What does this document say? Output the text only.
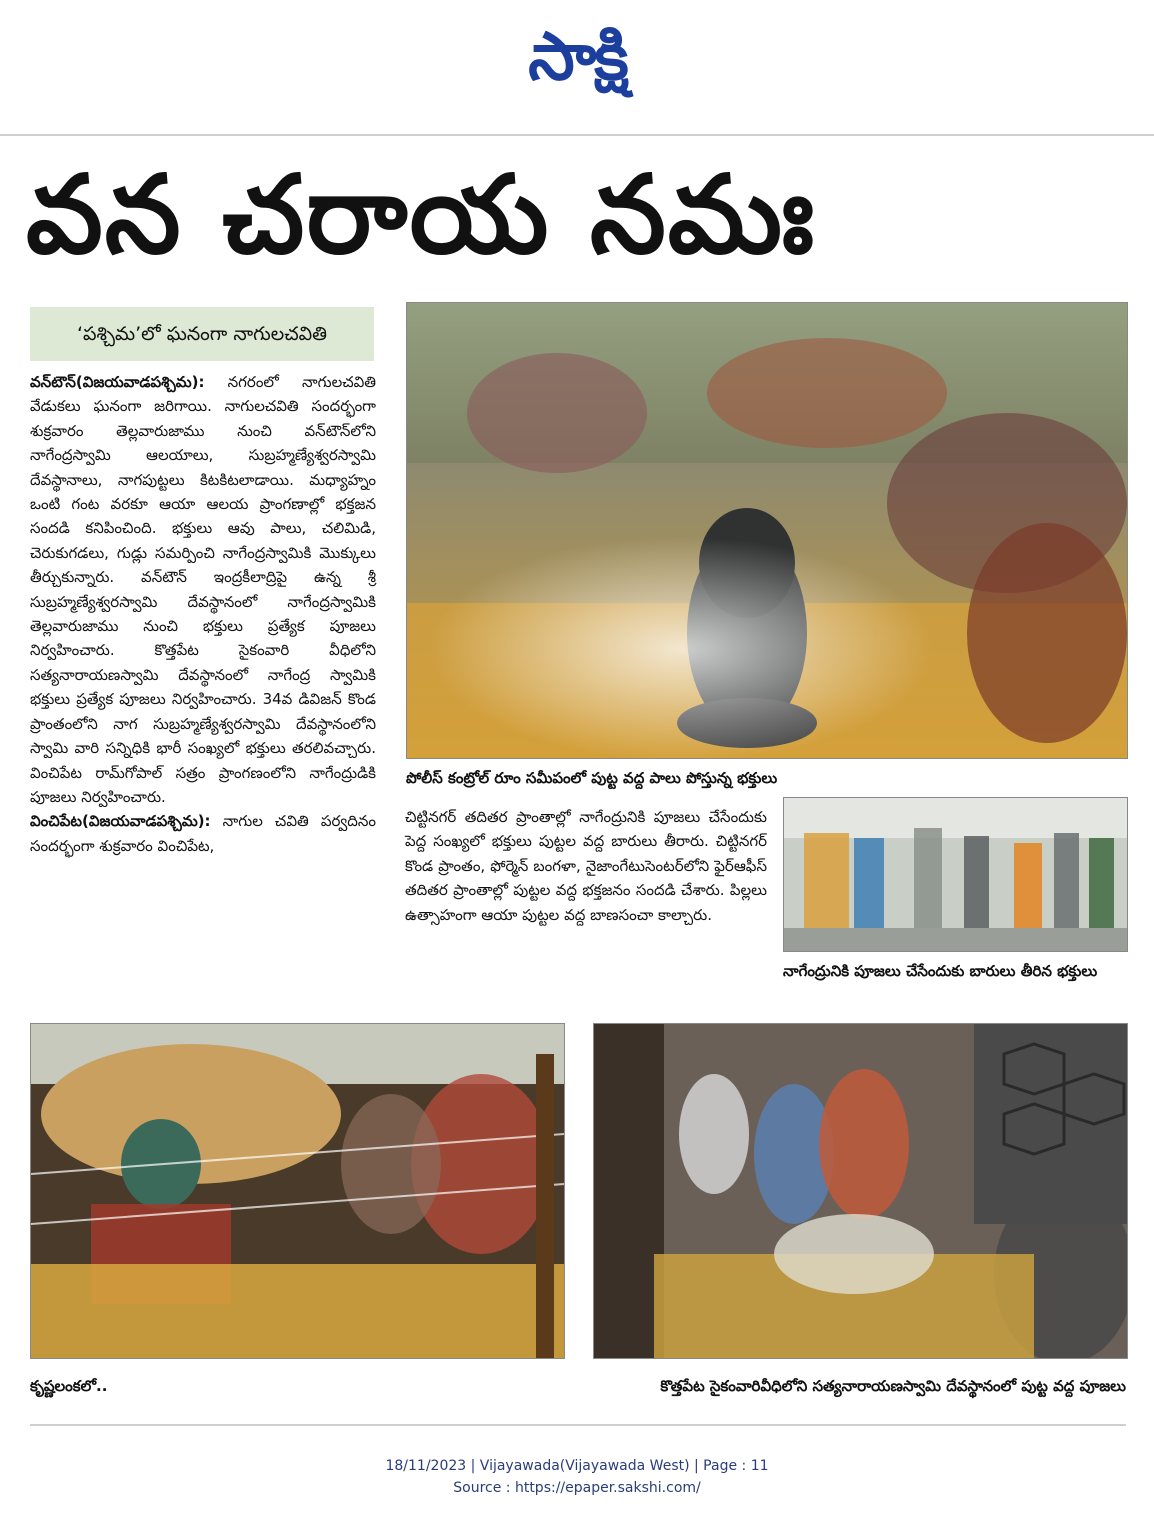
సాక్షి
వన చరాయ నమః
‘పశ్చిమ’లో ఘనంగా నాగులచవితి

వన్‌టౌన్‌(విజయవాడపశ్చిమ): నగరంలో నాగులచవితి వేడుకలు ఘనంగా జరిగాయి. నాగులచవితి సందర్భంగా శుక్రవారం తెల్లవారుజాము నుంచి వన్‌టౌన్‌లోని నాగేంద్రస్వామి ఆలయాలు, సుబ్రహ్మణ్యేశ్వరస్వామి దేవస్థానాలు, నాగపుట్టలు కిటకిటలాడాయి. మధ్యాహ్నం ఒంటి గంట వరకూ ఆయా ఆలయ ప్రాంగణాల్లో భక్తజన సందడి కనిపించింది. భక్తులు ఆవు పాలు, చలిమిడి, చెరుకుగడలు, గుడ్లు సమర్పించి నాగేంద్రస్వామికి మొక్కులు తీర్చుకున్నారు. వన్‌టౌన్‌ ఇంద్రకీలాద్రిపై ఉన్న శ్రీ సుబ్రహ్మణ్యేశ్వరస్వామి దేవస్థానంలో నాగేంద్రస్వామికి తెల్లవారుజాము నుంచి భక్తులు ప్రత్యేక పూజలు నిర్వహించారు. కొత్తపేట సైకంవారి వీధిలోని సత్యనారాయణస్వామి దేవస్థానంలో నాగేంద్ర స్వామికి భక్తులు ప్రత్యేక పూజలు నిర్వహించారు. 34వ డివిజన్‌ కొండ ప్రాంతంలోని నాగ సుబ్రహ్మణ్యేశ్వరస్వామి దేవస్థానంలోని స్వామి వారి సన్నిధికి భారీ సంఖ్యలో భక్తులు తరలివచ్చారు. వించిపేట రామ్‌గోపాల్‌ సత్రం ప్రాంగణంలోని నాగేంద్రుడికి పూజలు నిర్వహించారు.

వించిపేట(విజయవాడపశ్చిమ): నాగుల చవితి పర్వదినం సందర్భంగా శుక్రవారం వించిపేట,

చిట్టినగర్‌ తదితర ప్రాంతాల్లో నాగేంద్రునికి పూజలు చేసేందుకు పెద్ద సంఖ్యలో భక్తులు పుట్టల వద్ద బారులు తీరారు. చిట్టినగర్‌ కొండ ప్రాంతం, ఫోర్మెన్‌ బంగళా, నైజాంగేటుసెంటర్‌లోని ఫైర్‌ఆఫీస్‌ తదితర ప్రాంతాల్లో పుట్టల వద్ద భక్తజనం సందడి చేశారు. పిల్లలు ఉత్సాహంగా ఆయా పుట్టల వద్ద బాణసంచా కాల్చారు.

పోలీస్‌ కంట్రోల్‌ రూం సమీపంలో పుట్ట వద్ద పాలు పోస్తున్న భక్తులు
నాగేంద్రునికి పూజలు చేసేందుకు బారులు తీరిన భక్తులు
కృష్ణలంకలో..	కొత్తపేట సైకంవారివీధిలోని సత్యనారాయణస్వామి దేవస్థానంలో పుట్ట వద్ద పూజలు
18/11/2023 | Vijayawada(Vijayawada West) | Page : 11
Source : https://epaper.sakshi.com/
